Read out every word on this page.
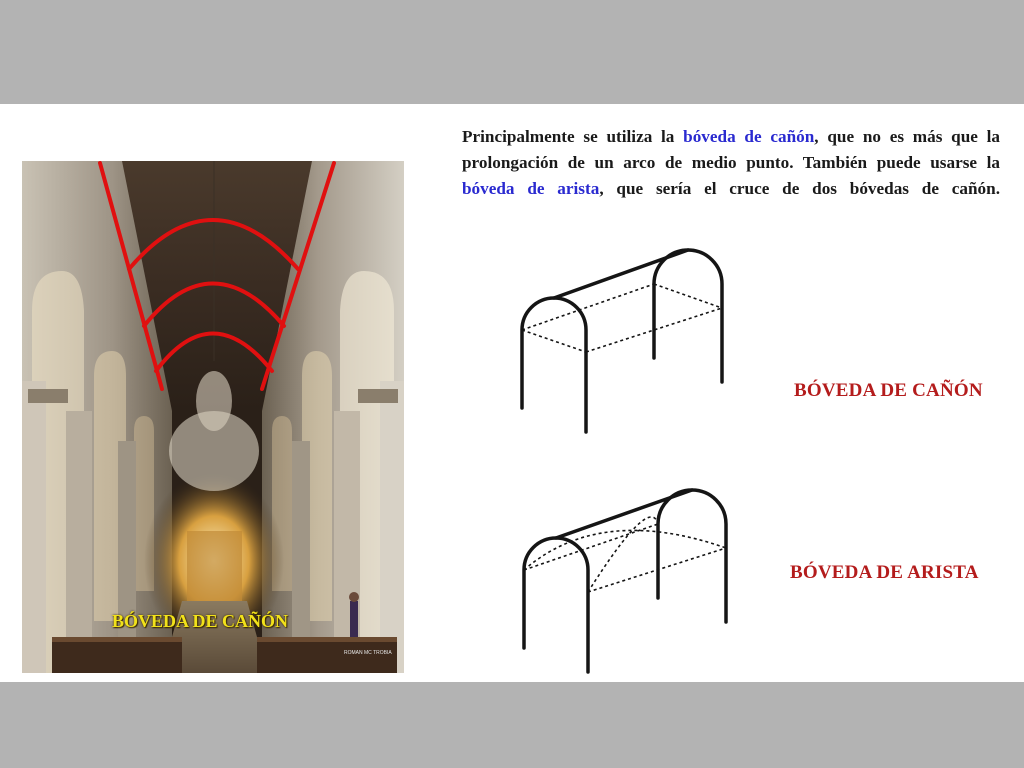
BÓVEDA DE CAÑÓN
ROMAN MC TROBIA
Principalmente se utiliza la bóveda de cañón, que no es más que la prolongación de un arco de medio punto. También puede usarse la bóveda de arista, que sería el cruce de dos bóvedas de cañón.
BÓVEDA DE CAÑÓN
BÓVEDA DE ARISTA
